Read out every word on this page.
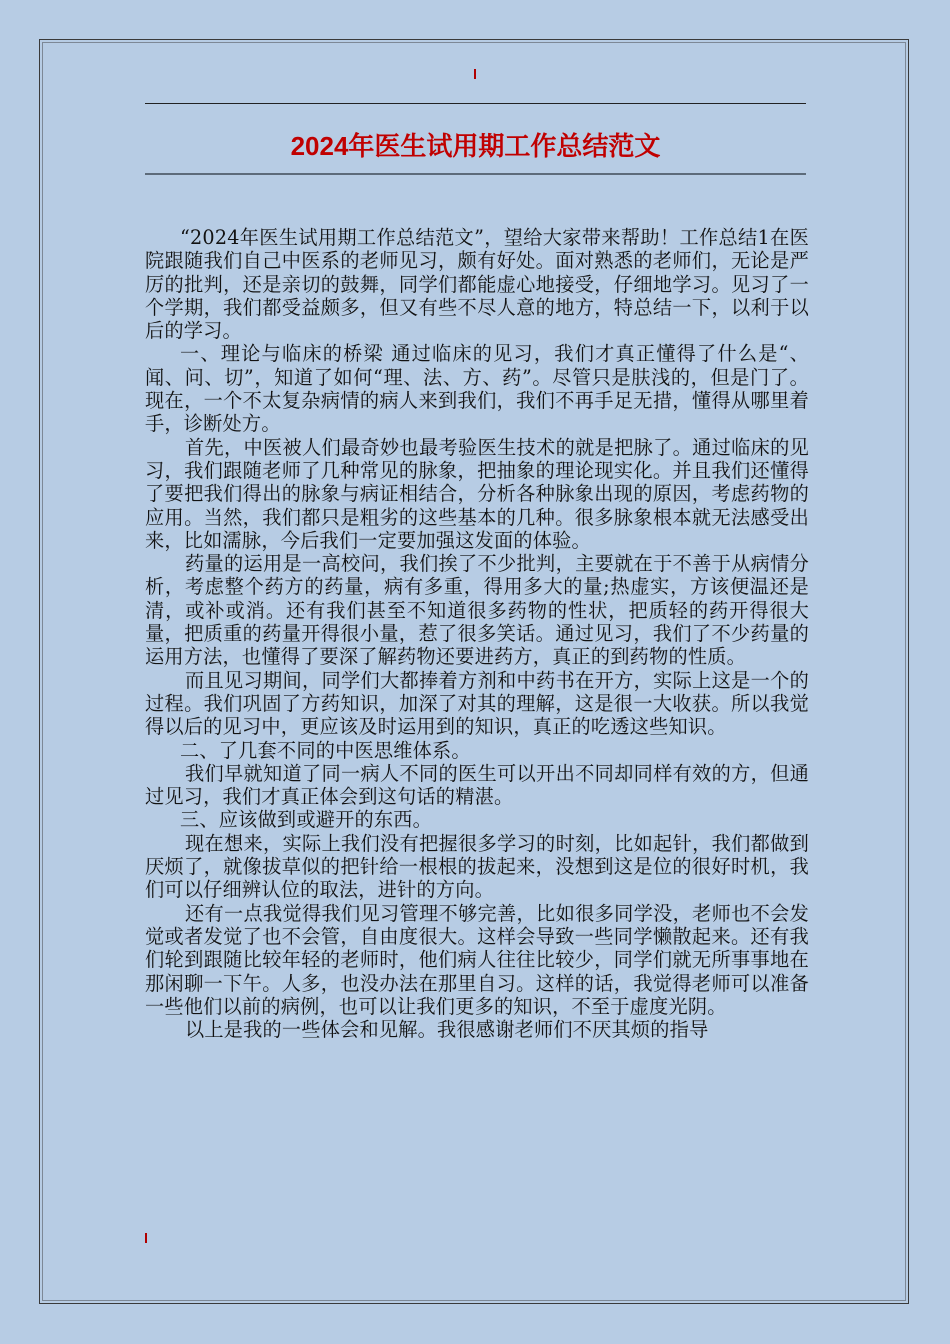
2024年医生试用期工作总结范文

“2024年医生试用期工作总结范文”，望给大家带来帮助！工作总结1在医院跟随我们自己中医系的老师见习，颇有好处。面对熟悉的老师们，无论是严厉的批判，还是亲切的鼓舞，同学们都能虚心地接受，仔细地学习。见习了一个学期，我们都受益颇多，但又有些不尽人意的地方，特总结一下，以利于以后的学习。

一、理论与临床的桥梁 通过临床的见习，我们才真正懂得了什么是“、闻、问、切”，知道了如何“理、法、方、药”。尽管只是肤浅的，但是门了。现在，一个不太复杂病情的病人来到我们，我们不再手足无措，懂得从哪里着手，诊断处方。

首先，中医被人们最奇妙也最考验医生技术的就是把脉了。通过临床的见习，我们跟随老师了几种常见的脉象，把抽象的理论现实化。并且我们还懂得了要把我们得出的脉象与病证相结合，分析各种脉象出现的原因，考虑药物的应用。当然，我们都只是粗劣的这些基本的几种。很多脉象根本就无法感受出来，比如濡脉，今后我们一定要加强这发面的体验。

药量的运用是一高校问，我们挨了不少批判，主要就在于不善于从病情分析，考虑整个药方的药量，病有多重，得用多大的量;热虚实，方该便温还是清，或补或消。还有我们甚至不知道很多药物的性状，把质轻的药开得很大量，把质重的药量开得很小量，惹了很多笑话。通过见习，我们了不少药量的运用方法，也懂得了要深了解药物还要进药方，真正的到药物的性质。

而且见习期间，同学们大都捧着方剂和中药书在开方，实际上这是一个的过程。我们巩固了方药知识，加深了对其的理解，这是很一大收获。所以我觉得以后的见习中，更应该及时运用到的知识，真正的吃透这些知识。

二、了几套不同的中医思维体系。

我们早就知道了同一病人不同的医生可以开出不同却同样有效的方，但通过见习，我们才真正体会到这句话的精湛。

三、应该做到或避开的东西。

现在想来，实际上我们没有把握很多学习的时刻，比如起针，我们都做到厌烦了，就像拔草似的把针给一根根的拔起来，没想到这是位的很好时机，我们可以仔细辨认位的取法，进针的方向。

还有一点我觉得我们见习管理不够完善，比如很多同学没，老师也不会发觉或者发觉了也不会管，自由度很大。这样会导致一些同学懒散起来。还有我们轮到跟随比较年轻的老师时，他们病人往往比较少，同学们就无所事事地在那闲聊一下午。人多，也没办法在那里自习。这样的话，我觉得老师可以准备一些他们以前的病例，也可以让我们更多的知识，不至于虚度光阴。

以上是我的一些体会和见解。我很感谢老师们不厌其烦的指导
